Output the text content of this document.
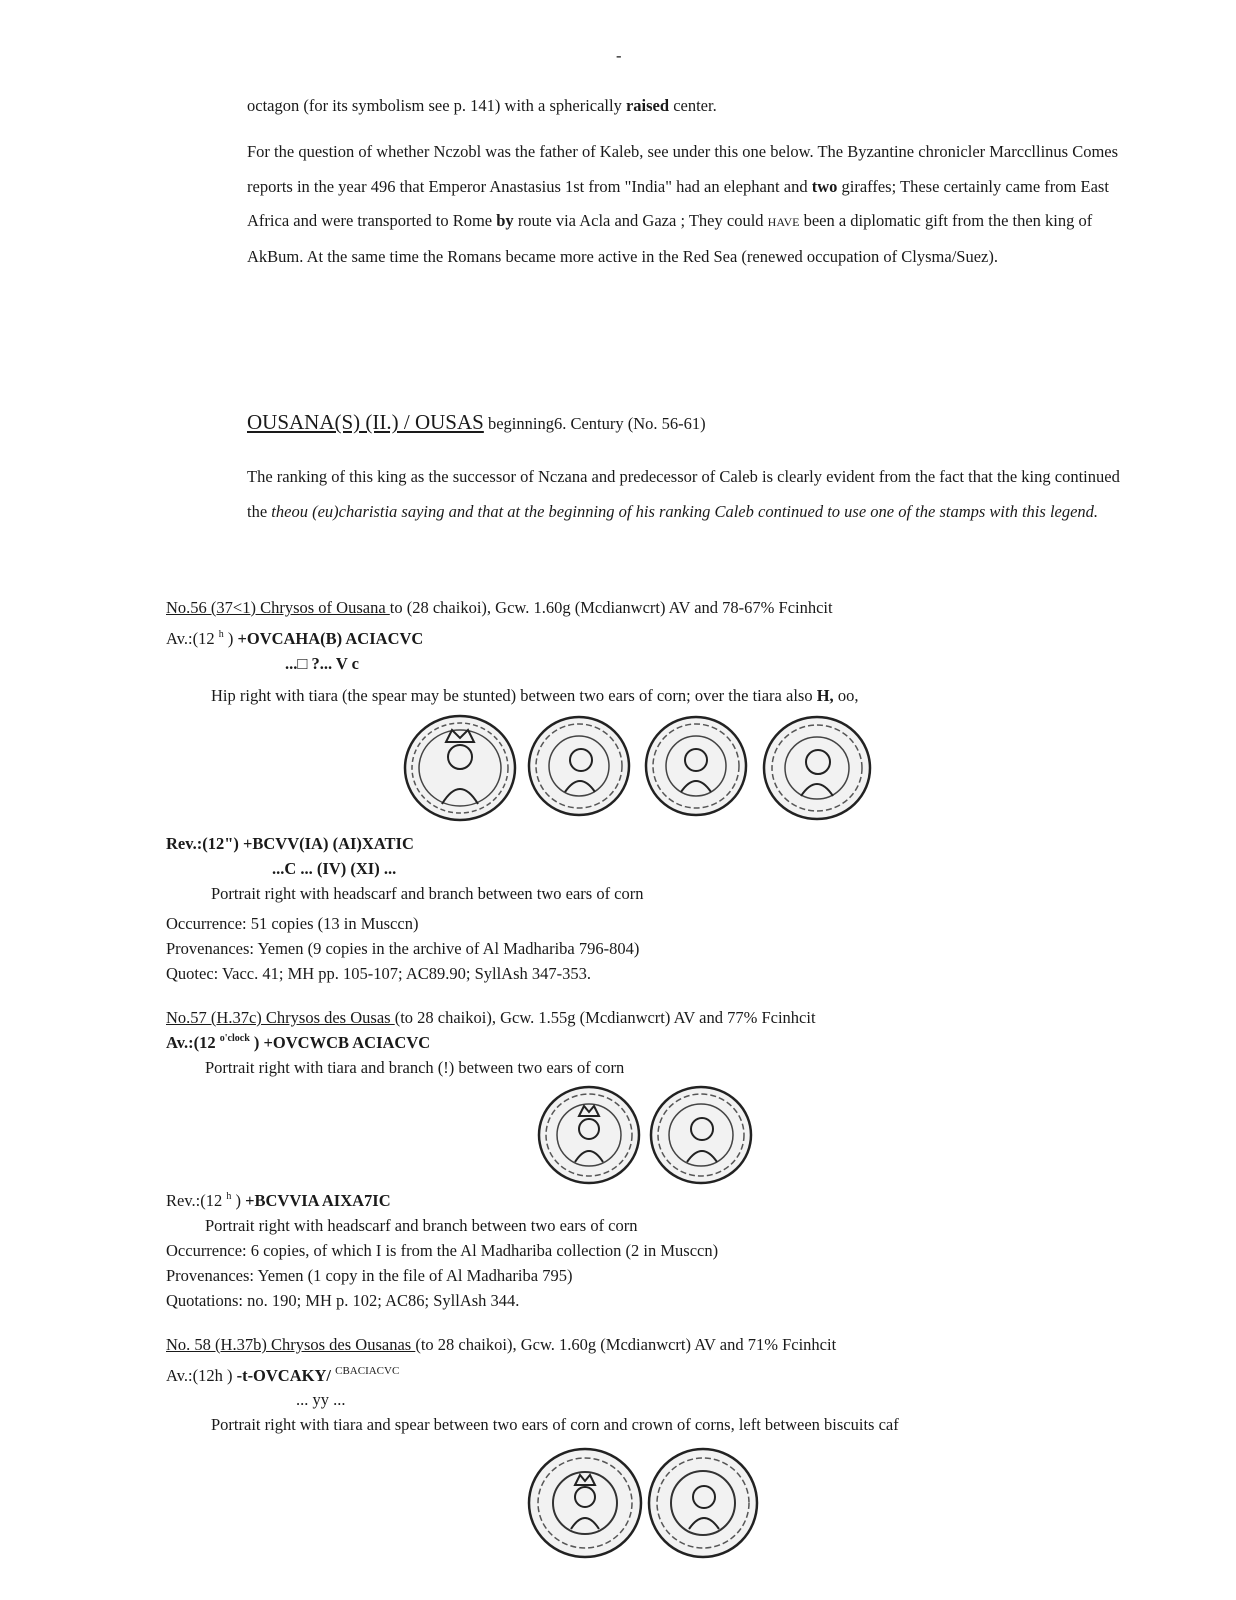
-
octagon (for its symbolism see p. 141) with a spherically raised center.
For the question of whether Nczobl was the father of Kaleb, see under this one below. The Byzantine chronicler Marccllinus Comes reports in the year 496 that Emperor Anastasius 1st from "India" had an elephant and two giraffes; These certainly came from East Africa and were transported to Rome by route via Acla and Gaza ; They could HAVE been a diplomatic gift from the then king of AkBum. At the same time the Romans became more active in the Red Sea (renewed occupation of Clysma/Suez).
OUSANA(S) (II.) / OUSAS beginning6. Century (No. 56-61)
The ranking of this king as the successor of Nczana and predecessor of Caleb is clearly evident from the fact that the king continued the theou (eu)charistia saying and that at the beginning of his ranking Caleb continued to use one of the stamps with this legend.
No.56 (37<1) Chrysos of Ousana to (28 chaikoi), Gcw. 1.60g (Mcdianwcrt) AV and 78-67% Fcinhcit
Av.:(12 $^h$ ) +OVCAHA(B) ACIACVC
...□ ?... V c
Hip right with tiara (the spear may be stunted) between two ears of corn; over the tiara also H, oo,
Rev.:(12") +BCVV(IA) (AI)XATIC
...C ... (IV) (XI) ...
Portrait right with headscarf and branch between two ears of corn
Occurrence: 51 copies (13 in Musccn)
Provenances: Yemen (9 copies in the archive of Al Madhariba 796-804)
Quotec: Vacc. 41; MH pp. 105-107; AC89.90; SyllAsh 347-353.
No.57 (H.37c) Chrysos des Ousas (to 28 chaikoi), Gcw. 1.55g (Mcdianwcrt) AV and 77% Fcinhcit
Av.:(12 $^{o'clock}$ ) +OVCWCB ACIACVC
Portrait right with tiara and branch (!) between two ears of corn
Rev.:(12 $^h$ ) +BCVVIA AIXA7IC
Portrait right with headscarf and branch between two ears of corn
Occurrence: 6 copies, of which I is from the Al Madhariba collection (2 in Musccn)
Provenances: Yemen (1 copy in the file of Al Madhariba 795)
Quotations: no. 190; MH p. 102; AC86; SyllAsh 344.
No. 58 (H.37b) Chrysos des Ousanas (to 28 chaikoi), Gcw. 1.60g (Mcdianwcrt) AV and 71% Fcinhcit
Av.:(12h ) -t-OVCAKY/ $^{CBACIACVC}$
... yy ...
Portrait right with tiara and spear between two ears of corn and crown of corns, left between biscuits caf
